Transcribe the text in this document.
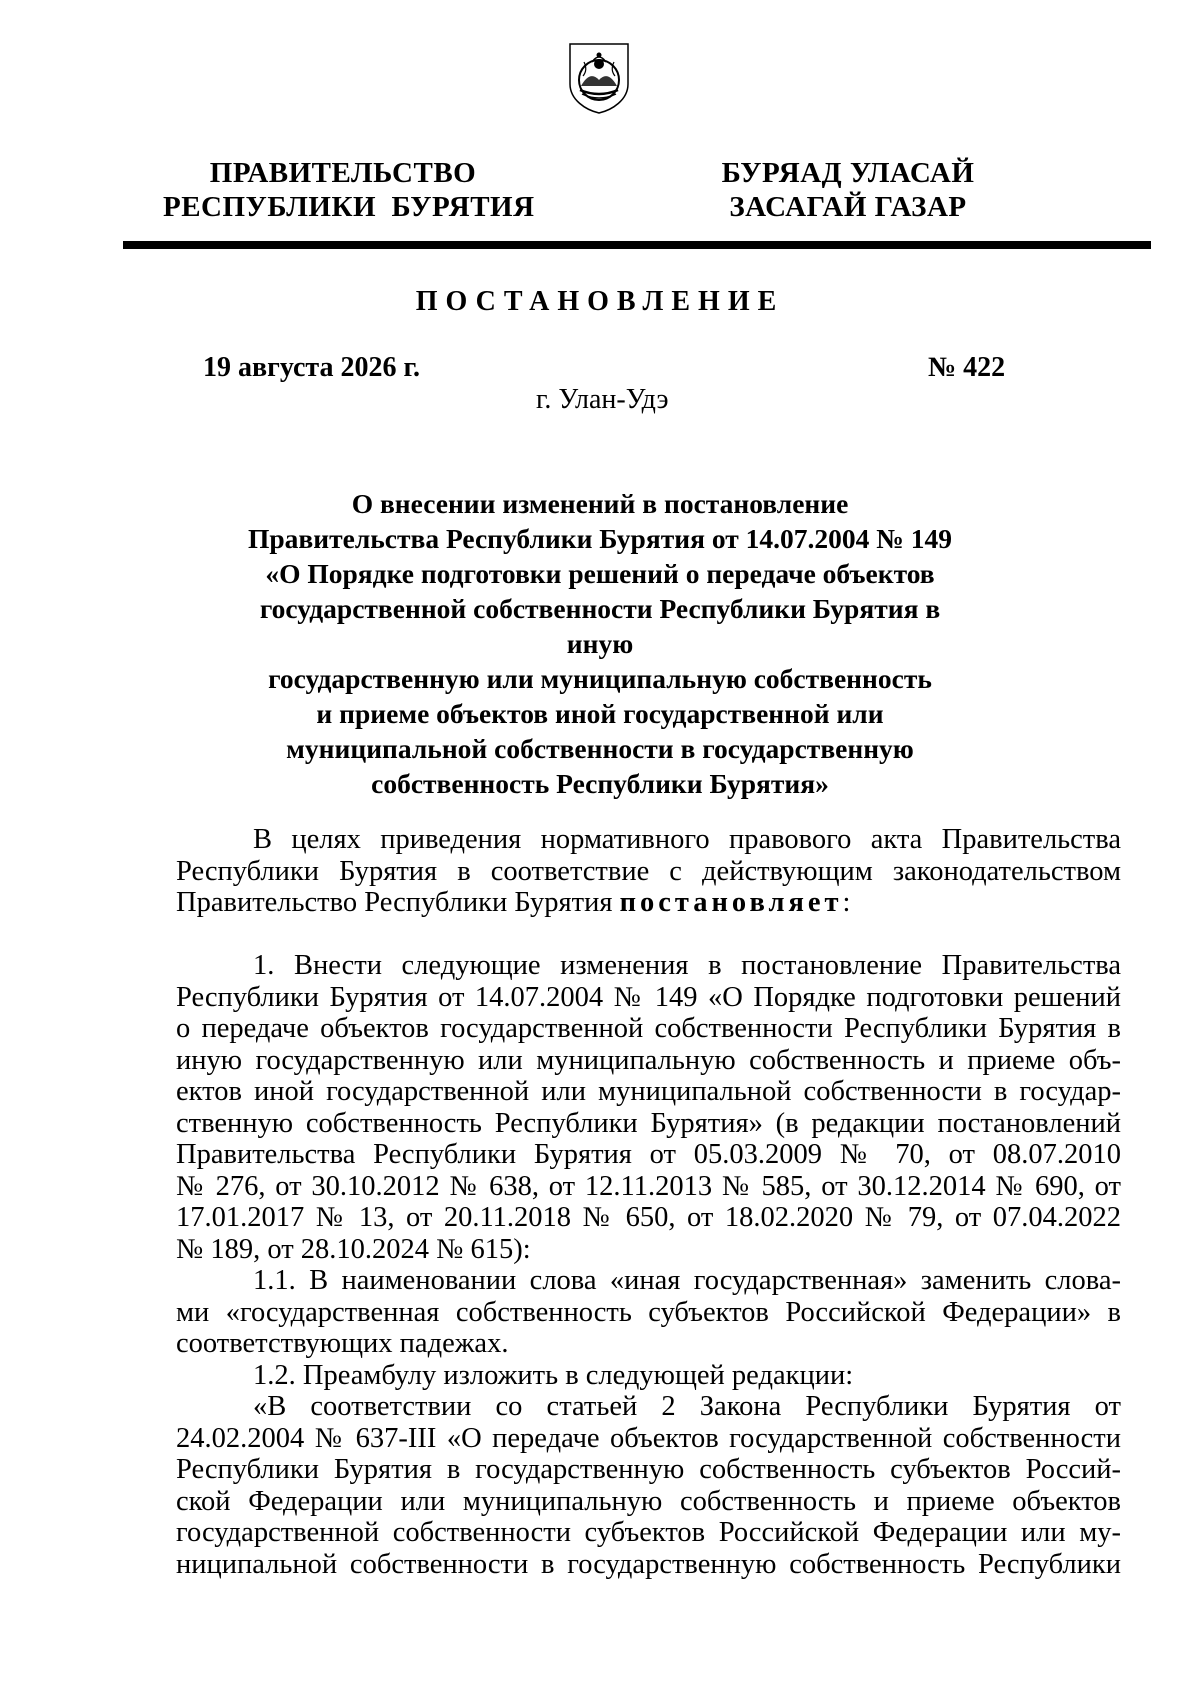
ПРАВИТЕЛЬСТВО
РЕСПУБЛИКИ  БУРЯТИЯ
БУРЯАД УЛАСАЙ
ЗАСАГАЙ ГАЗАР
ПОСТАНОВЛЕНИЕ
19 августа 2026 г.	№ 422
г. Улан-Удэ
О внесении изменений в постановление
Правительства Республики Бурятия от 14.07.2004 № 149
«О Порядке подготовки решений о передаче объектов
государственной собственности Республики Бурятия в иную
государственную или муниципальную собственность
и приеме объектов иной государственной или
муниципальной собственности в государственную
собственность Республики Бурятия»

В целях приведения нормативного правового акта Правительства

Республики Бурятия в соответствие с действующим законодательством

Правительство Республики Бурятия постановляет:

1. Внести следующие изменения в постановление Правительства

Республики Бурятия от 14.07.2004 № 149 «О Порядке подготовки решений

о передаче объектов государственной собственности Республики Бурятия в

иную государственную или муниципальную собственность и приеме объ-

ектов иной государственной или муниципальной собственности в государ-

ственную собственность Республики Бурятия» (в редакции постановлений

Правительства Республики Бурятия от 05.03.2009 № 70, от 08.07.2010

№ 276, от 30.10.2012 № 638, от 12.11.2013 № 585, от 30.12.2014 № 690, от

17.01.2017 № 13, от 20.11.2018 № 650, от 18.02.2020 № 79, от 07.04.2022

№ 189, от 28.10.2024 № 615):

1.1. В наименовании слова «иная государственная» заменить слова-

ми «государственная собственность субъектов Российской Федерации» в

соответствующих падежах.

1.2. Преамбулу изложить в следующей редакции:

«В соответствии со статьей 2 Закона Республики Бурятия от

24.02.2004 № 637-III «О передаче объектов государственной собственности

Республики Бурятия в государственную собственность субъектов Россий-

ской Федерации или муниципальную собственность и приеме объектов

государственной собственности субъектов Российской Федерации или му-

ниципальной собственности в государственную собственность Республики
